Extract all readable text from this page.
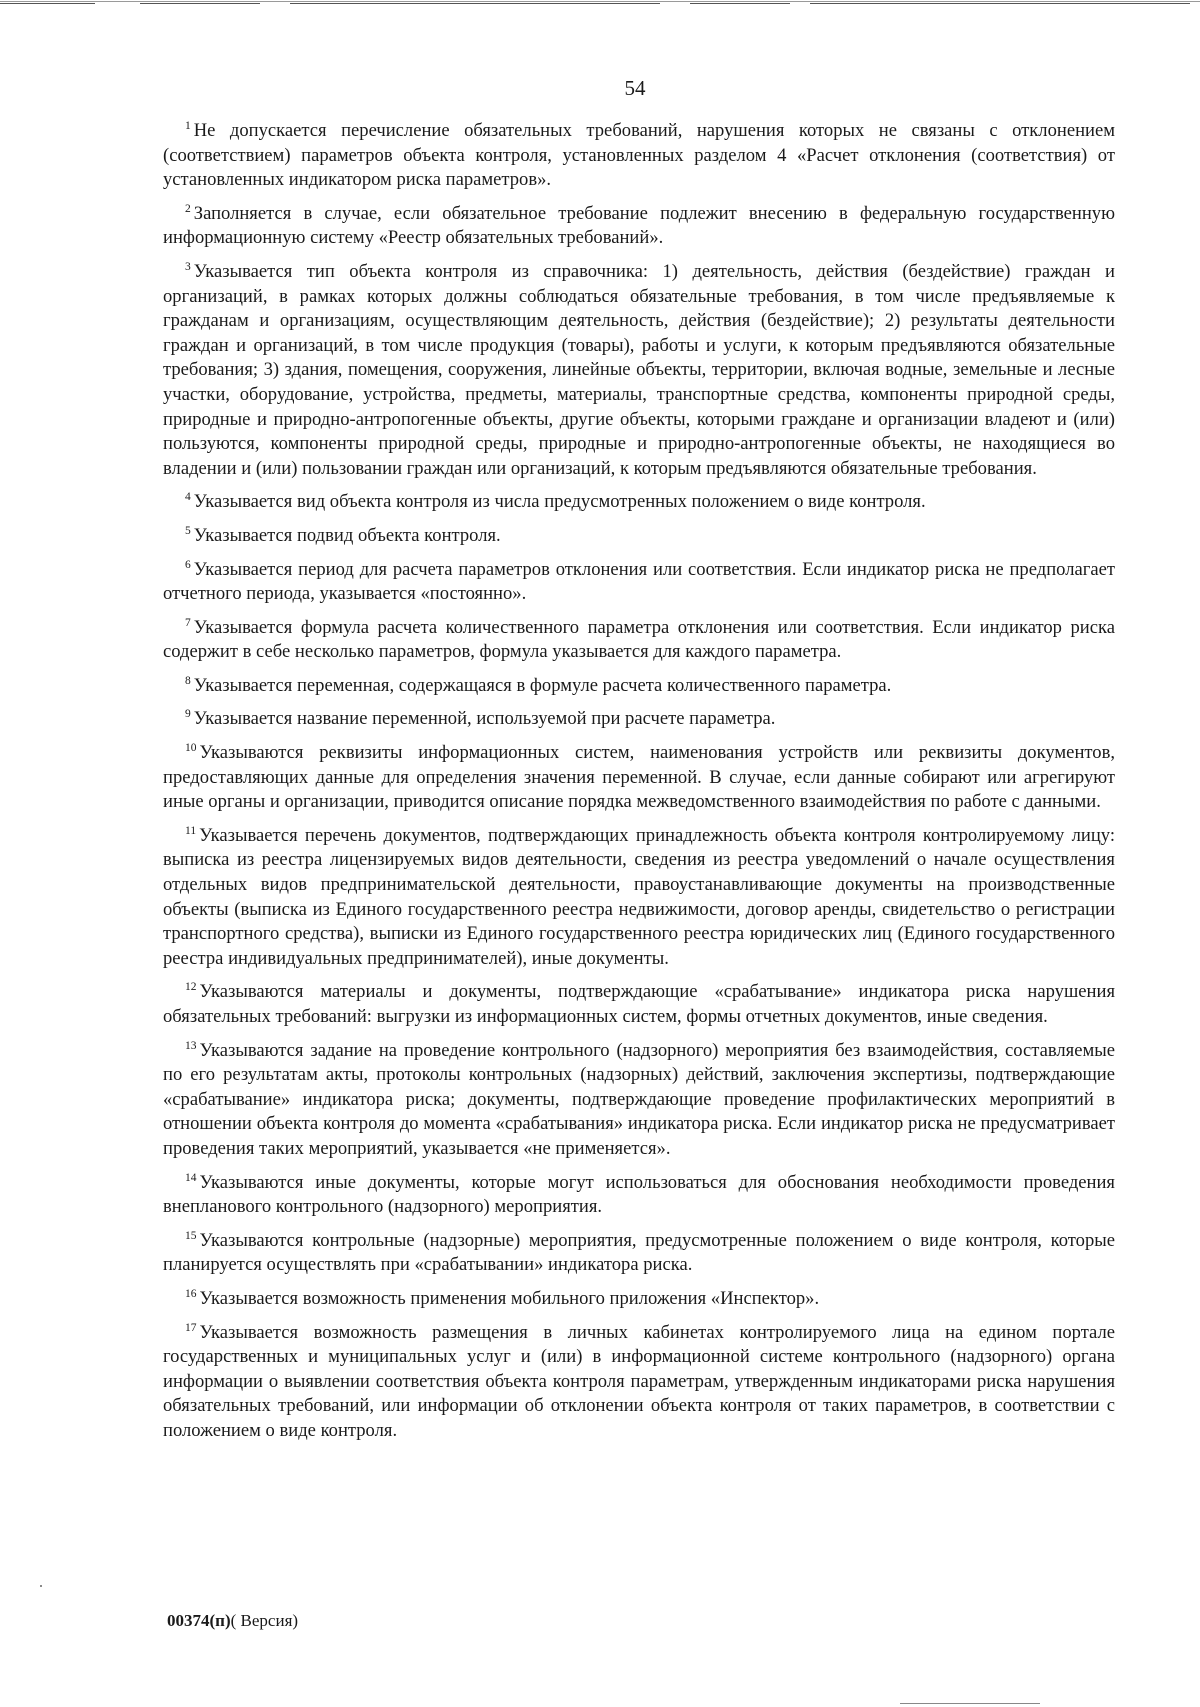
54

$^1$ Не допускается перечисление обязательных требований, нарушения которых не связаны с отклонением (соответствием) параметров объекта контроля, установленных разделом 4 «Расчет отклонения (соответствия) от установленных индикатором риска параметров».

$^2$ Заполняется в случае, если обязательное требование подлежит внесению в федеральную государственную информационную систему «Реестр обязательных требований».

$^3$ Указывается тип объекта контроля из справочника: 1) деятельность, действия (бездействие) граждан и организаций, в рамках которых должны соблюдаться обязательные требования, в том числе предъявляемые к гражданам и организациям, осуществляющим деятельность, действия (бездействие); 2) результаты деятельности граждан и организаций, в том числе продукция (товары), работы и услуги, к которым предъявляются обязательные требования; 3) здания, помещения, сооружения, линейные объекты, территории, включая водные, земельные и лесные участки, оборудование, устройства, предметы, материалы, транспортные средства, компоненты природной среды, природные и природно-антропогенные объекты, другие объекты, которыми граждане и организации владеют и (или) пользуются, компоненты природной среды, природные и природно-антропогенные объекты, не находящиеся во владении и (или) пользовании граждан или организаций, к которым предъявляются обязательные требования.

$^4$ Указывается вид объекта контроля из числа предусмотренных положением о виде контроля.

$^5$ Указывается подвид объекта контроля.

$^6$ Указывается период для расчета параметров отклонения или соответствия. Если индикатор риска не предполагает отчетного периода, указывается «постоянно».

$^7$ Указывается формула расчета количественного параметра отклонения или соответствия. Если индикатор риска содержит в себе несколько параметров, формула указывается для каждого параметра.

$^8$ Указывается переменная, содержащаяся в формуле расчета количественного параметра.

$^9$ Указывается название переменной, используемой при расчете параметра.

$^{10}$ Указываются реквизиты информационных систем, наименования устройств или реквизиты документов, предоставляющих данные для определения значения переменной. В случае, если данные собирают или агрегируют иные органы и организации, приводится описание порядка межведомственного взаимодействия по работе с данными.

$^{11}$ Указывается перечень документов, подтверждающих принадлежность объекта контроля контролируемому лицу: выписка из реестра лицензируемых видов деятельности, сведения из реестра уведомлений о начале осуществления отдельных видов предпринимательской деятельности, правоустанавливающие документы на производственные объекты (выписка из Единого государственного реестра недвижимости, договор аренды, свидетельство о регистрации транспортного средства), выписки из Единого государственного реестра юридических лиц (Единого государственного реестра индивидуальных предпринимателей), иные документы.

$^{12}$ Указываются материалы и документы, подтверждающие «срабатывание» индикатора риска нарушения обязательных требований: выгрузки из информационных систем, формы отчетных документов, иные сведения.

$^{13}$ Указываются задание на проведение контрольного (надзорного) мероприятия без взаимодействия, составляемые по его результатам акты, протоколы контрольных (надзорных) действий, заключения экспертизы, подтверждающие «срабатывание» индикатора риска; документы, подтверждающие проведение профилактических мероприятий в отношении объекта контроля до момента «срабатывания» индикатора риска. Если индикатор риска не предусматривает проведения таких мероприятий, указывается «не применяется».

$^{14}$ Указываются иные документы, которые могут использоваться для обоснования необходимости проведения внепланового контрольного (надзорного) мероприятия.

$^{15}$ Указываются контрольные (надзорные) мероприятия, предусмотренные положением о виде контроля, которые планируется осуществлять при «срабатывании» индикатора риска.

$^{16}$ Указывается возможность применения мобильного приложения «Инспектор».

$^{17}$ Указывается возможность размещения в личных кабинетах контролируемого лица на едином портале государственных и муниципальных услуг и (или) в информационной системе контрольного (надзорного) органа информации о выявлении соответствия объекта контроля параметрам, утвержденным индикаторами риска нарушения обязательных требований, или информации об отклонении объекта контроля от таких параметров, в соответствии с положением о виде контроля.

00374(п)( Версия)
